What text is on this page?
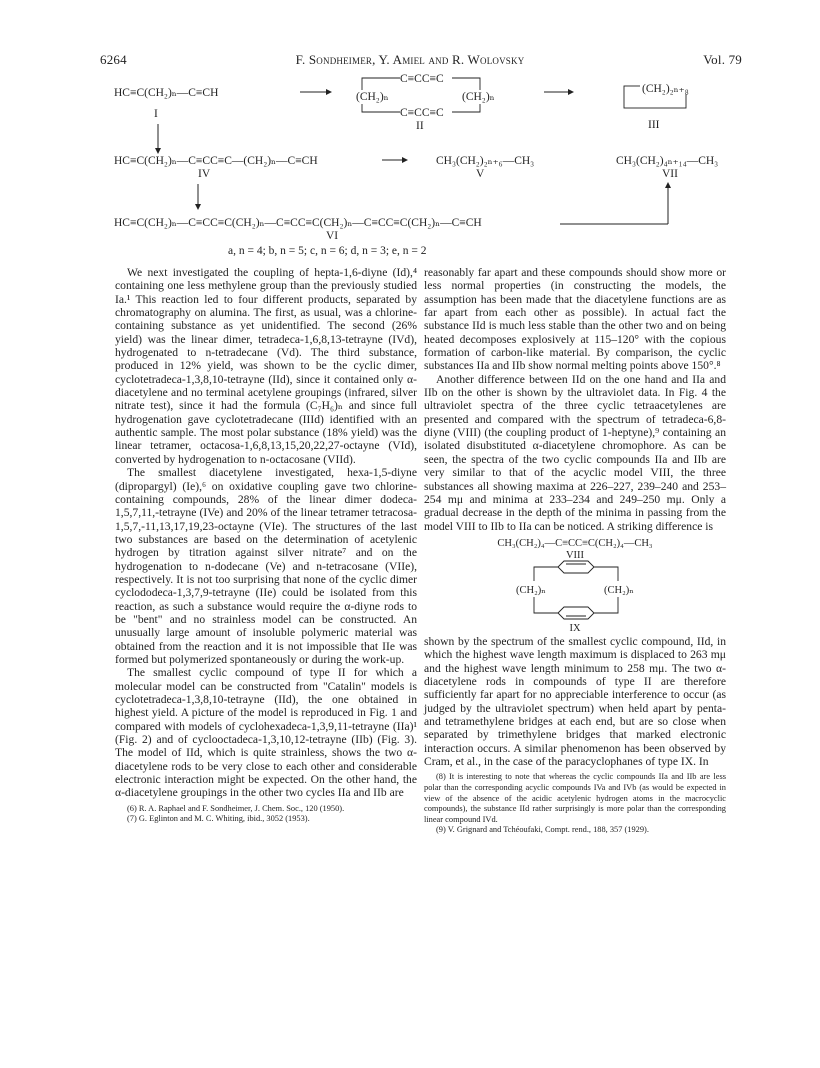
6264	F. Sondheimer, Y. Amiel and R. Wolovsky	Vol. 79
HC≡C(CH₂)ₙ—C≡CH
C≡CC≡C
(CH₂)ₙ	(CH₂)ₙ
C≡CC≡C
I
II
(CH₂)₂ₙ₊₈
III
HC≡C(CH₂)ₙ—C≡CC≡C—(CH₂)ₙ—C≡CH
IV
CH₃(CH₂)₂ₙ₊₆—CH₃
V
CH₃(CH₂)₄ₙ₊₁₄—CH₃
VII
HC≡C(CH₂)ₙ—C≡CC≡C(CH₂)ₙ—C≡CC≡C(CH₂)ₙ—C≡CC≡C(CH₂)ₙ—C≡CH
VI
a, n = 4; b, n = 5; c, n = 6; d, n = 3; e, n = 2

We next investigated the coupling of hepta-1,6-diyne (Id),⁴ containing one less methylene group than the previously studied Ia.¹ This reaction led to four different products, separated by chromatography on alumina. The first, as usual, was a chlorine-containing substance as yet unidentified. The second (26% yield) was the linear dimer, tetradeca-1,6,8,13-tetrayne (IVd), hydrogenated to n-tetradecane (Vd). The third substance, produced in 12% yield, was shown to be the cyclic dimer, cyclotetradeca-1,3,8,10-tetrayne (IId), since it contained only α-diacetylene and no terminal acetylene groupings (infrared, silver nitrate test), since it had the formula (C₇H₆)ₙ and since full hydrogenation gave cyclotetradecane (IIId) identified with an authentic sample. The most polar substance (18% yield) was the linear tetramer, octacosa-1,6,8,13,15,20,22,27-octayne (VId), converted by hydrogenation to n-octacosane (VIId).

The smallest diacetylene investigated, hexa-1,5-diyne (dipropargyl) (Ie),⁶ on oxidative coupling gave two chlorine-containing compounds, 28% of the linear dimer dodeca-1,5,7,11,-tetrayne (IVe) and 20% of the linear tetramer tetracosa-1,5,7,-11,13,17,19,23-octayne (VIe). The structures of the last two substances are based on the determination of acetylenic hydrogen by titration against silver nitrate⁷ and on the hydrogenation to n-dodecane (Ve) and n-tetracosane (VIIe), respectively. It is not too surprising that none of the cyclic dimer cyclododeca-1,3,7,9-tetrayne (IIe) could be isolated from this reaction, as such a substance would require the α-diyne rods to be "bent" and no strainless model can be constructed. An unusually large amount of insoluble polymeric material was obtained from the reaction and it is not impossible that IIe was formed but polymerized spontaneously or during the work-up.

The smallest cyclic compound of type II for which a molecular model can be constructed from "Catalin" models is cyclotetradeca-1,3,8,10-tetrayne (IId), the one obtained in highest yield. A picture of the model is reproduced in Fig. 1 and compared with models of cyclohexadeca-1,3,9,11-tetrayne (IIa)¹ (Fig. 2) and of cyclooctadeca-1,3,10,12-tetrayne (IIb) (Fig. 3). The model of IId, which is quite strainless, shows the two α-diacetylene rods to be very close to each other and considerable electronic interaction might be expected. On the other hand, the α-diacetylene groupings in the other two cycles IIa and IIb are

(6) R. A. Raphael and F. Sondheimer, J. Chem. Soc., 120 (1950).

(7) G. Eglinton and M. C. Whiting, ibid., 3052 (1953).

reasonably far apart and these compounds should show more or less normal properties (in constructing the models, the assumption has been made that the diacetylene functions are as far apart from each other as possible). In actual fact the substance IId is much less stable than the other two and on being heated decomposes explosively at 115–120° with the copious formation of carbon-like material. By comparison, the cyclic substances IIa and IIb show normal melting points above 150°.⁸

Another difference between IId on the one hand and IIa and IIb on the other is shown by the ultraviolet data. In Fig. 4 the ultraviolet spectra of the three cyclic tetraacetylenes are presented and compared with the spectrum of tetradeca-6,8-diyne (VIII) (the coupling product of 1-heptyne),⁹ containing an isolated disubstituted α-diacetylene chromophore. As can be seen, the spectra of the two cyclic compounds IIa and IIb are very similar to that of the acyclic model VIII, the three substances all showing maxima at 226–227, 239–240 and 253–254 mμ and minima at 233–234 and 249–250 mμ. Only a gradual decrease in the depth of the minima in passing from the model VIII to IIb to IIa can be noticed. A striking difference is

CH₃(CH₂)₄—C≡CC≡C(CH₂)₄—CH₃
VIII
(CH₂)ₙ	(CH₂)ₙ
IX

shown by the spectrum of the smallest cyclic compound, IId, in which the highest wave length maximum is displaced to 263 mμ and the highest wave length minimum to 258 mμ. The two α-diacetylene rods in compounds of type II are therefore sufficiently far apart for no appreciable interference to occur (as judged by the ultraviolet spectrum) when held apart by penta- and tetramethylene bridges at each end, but are so close when separated by trimethylene bridges that marked electronic interaction occurs. A similar phenomenon has been observed by Cram, et al., in the case of the paracyclophanes of type IX. In

(8) It is interesting to note that whereas the cyclic compounds IIa and IIb are less polar than the corresponding acyclic compounds IVa and IVb (as would be expected in view of the absence of the acidic acetylenic hydrogen atoms in the macrocyclic compounds), the substance IId rather surprisingly is more polar than the corresponding linear compound IVd.

(9) V. Grignard and Tchéoufaki, Compt. rend., 188, 357 (1929).
